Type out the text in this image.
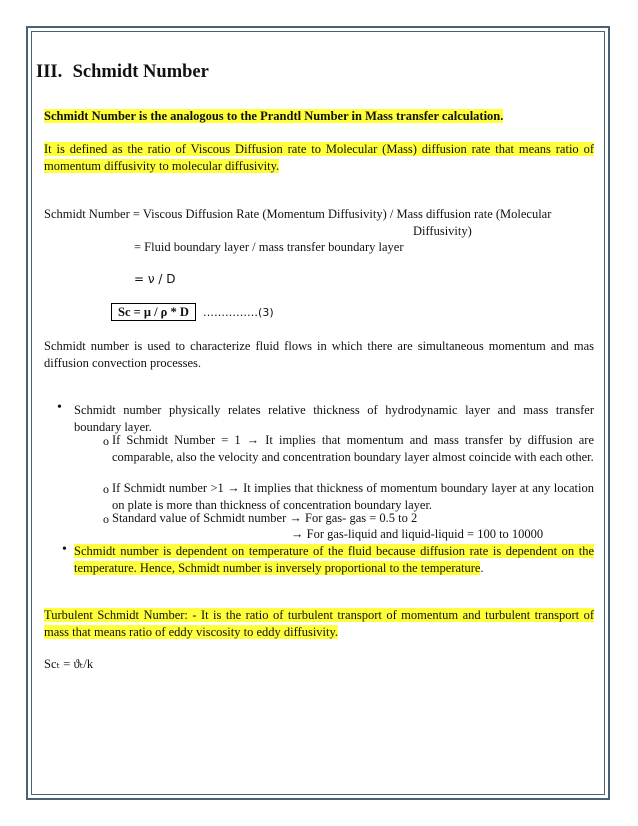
III. Schmidt Number
Schmidt Number is the analogous to the Prandtl Number in Mass transfer calculation.
It is defined as the ratio of Viscous Diffusion rate to Molecular (Mass) diffusion rate that means ratio of momentum diffusivity to molecular diffusivity.
Schmidt Number = Viscous Diffusion Rate (Momentum Diffusivity) / Mass diffusion rate (Molecular
Diffusivity)
= Fluid boundary layer / mass transfer boundary layer
= ν / D
Sc = μ / ρ * D ……………(3)
Schmidt number is used to characterize fluid flows in which there are simultaneous momentum and mas diffusion convection processes.
• Schmidt number physically relates relative thickness of hydrodynamic layer and mass transfer boundary layer.
o If Schmidt Number = 1 → It implies that momentum and mass transfer by diffusion are comparable, also the velocity and concentration boundary layer almost coincide with each other.
o If Schmidt number >1 → It implies that thickness of momentum boundary layer at any location on plate is more than thickness of concentration boundary layer.
o Standard value of Schmidt number → For gas- gas = 0.5 to 2
→ For gas-liquid and liquid-liquid = 100 to 10000
• Schmidt number is dependent on temperature of the fluid because diffusion rate is dependent on the temperature. Hence, Schmidt number is inversely proportional to the temperature.
Turbulent Schmidt Number: - It is the ratio of turbulent transport of momentum and turbulent transport of mass that means ratio of eddy viscosity to eddy diffusivity.
Scₜ = ϑₜ/k
